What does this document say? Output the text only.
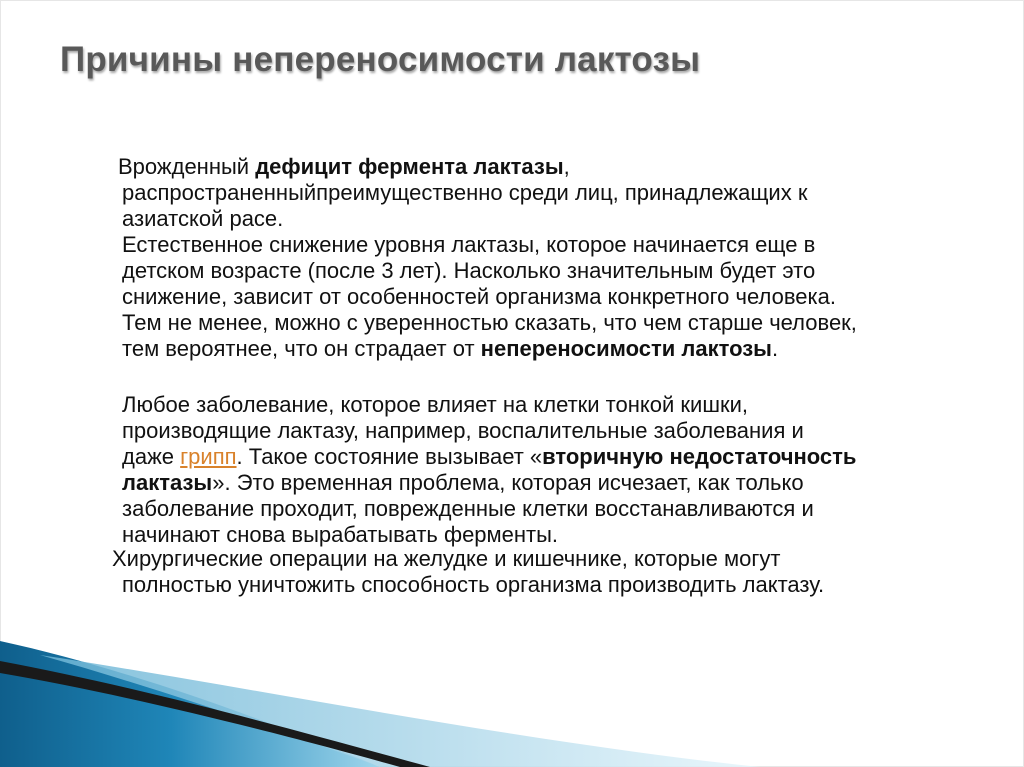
Причины непереносимости лактозы

Врожденный дефицит фермента лактазы,
распространенныйпреимущественно среди лиц, принадлежащих к
азиатской расе.

Естественное снижение уровня лактазы, которое начинается еще в
детском возрасте (после 3 лет). Насколько значительным будет это
снижение, зависит от особенностей организма конкретного человека.
Тем не менее, можно с уверенностью сказать, что чем старше человек,
тем вероятнее, что он страдает от непереносимости лактозы.

Любое заболевание, которое влияет на клетки тонкой кишки,
производящие лактазу, например, воспалительные заболевания и
даже грипп. Такое состояние вызывает «вторичную недостаточность
лактазы». Это временная проблема, которая исчезает, как только
заболевание проходит, поврежденные клетки восстанавливаются и
начинают снова вырабатывать ферменты.

Хирургические операции на желудке и кишечнике, которые могут
полностью уничтожить способность организма производить лактазу.
